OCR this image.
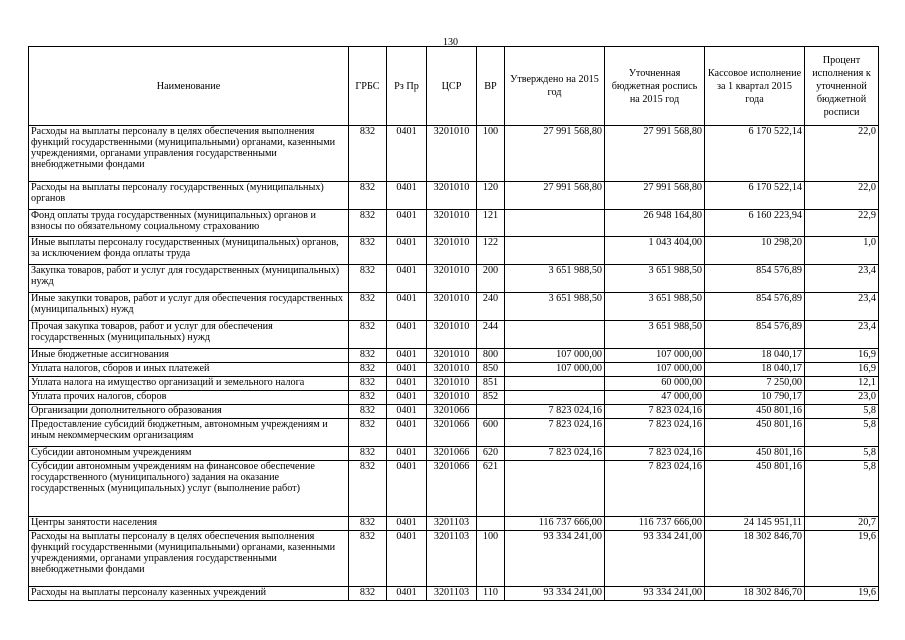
130
Наименование	ГРБС	Рз Пр	ЦСР	ВР	Утверждено на 2015 год	Уточненная бюджетная роспись на 2015 год	Кассовое исполнение за 1 квартал 2015 года	Процент исполнения к уточненной бюджетной росписи
Расходы на выплаты персоналу в целях обеспечения выполнения функций государственными (муниципальными) органами, казенными учреждениями, органами управления государственными внебюджетными фондами	832	0401	3201010	100	27 991 568,80	27 991 568,80	6 170 522,14	22,0
Расходы на выплаты персоналу государственных (муниципальных) органов	832	0401	3201010	120	27 991 568,80	27 991 568,80	6 170 522,14	22,0
Фонд оплаты труда государственных (муниципальных) органов и взносы по обязательному социальному страхованию	832	0401	3201010	121		26 948 164,80	6 160 223,94	22,9
Иные выплаты персоналу государственных (муниципальных) органов, за исключением фонда оплаты труда	832	0401	3201010	122		1 043 404,00	10 298,20	1,0
Закупка товаров, работ и услуг для государственных (муниципальных) нужд	832	0401	3201010	200	3 651 988,50	3 651 988,50	854 576,89	23,4
Иные закупки товаров, работ и услуг для обеспечения государственных (муниципальных) нужд	832	0401	3201010	240	3 651 988,50	3 651 988,50	854 576,89	23,4
Прочая закупка товаров, работ и услуг для обеспечения государственных (муниципальных) нужд	832	0401	3201010	244		3 651 988,50	854 576,89	23,4
Иные бюджетные ассигнования	832	0401	3201010	800	107 000,00	107 000,00	18 040,17	16,9
Уплата налогов, сборов и иных платежей	832	0401	3201010	850	107 000,00	107 000,00	18 040,17	16,9
Уплата налога на имущество организаций и земельного налога	832	0401	3201010	851		60 000,00	7 250,00	12,1
Уплата прочих налогов, сборов	832	0401	3201010	852		47 000,00	10 790,17	23,0
Организации дополнительного образования	832	0401	3201066		7 823 024,16	7 823 024,16	450 801,16	5,8
Предоставление субсидий бюджетным, автономным учреждениям и иным некоммерческим организациям	832	0401	3201066	600	7 823 024,16	7 823 024,16	450 801,16	5,8
Субсидии автономным учреждениям	832	0401	3201066	620	7 823 024,16	7 823 024,16	450 801,16	5,8
Субсидии автономным учреждениям на финансовое обеспечение государственного (муниципального) задания на оказание государственных (муниципальных) услуг (выполнение работ)	832	0401	3201066	621		7 823 024,16	450 801,16	5,8
Центры занятости населения	832	0401	3201103		116 737 666,00	116 737 666,00	24 145 951,11	20,7
Расходы на выплаты персоналу в целях обеспечения выполнения функций государственными (муниципальными) органами, казенными учреждениями, органами управления государственными внебюджетными фондами	832	0401	3201103	100	93 334 241,00	93 334 241,00	18 302 846,70	19,6
Расходы на выплаты персоналу казенных учреждений	832	0401	3201103	110	93 334 241,00	93 334 241,00	18 302 846,70	19,6
